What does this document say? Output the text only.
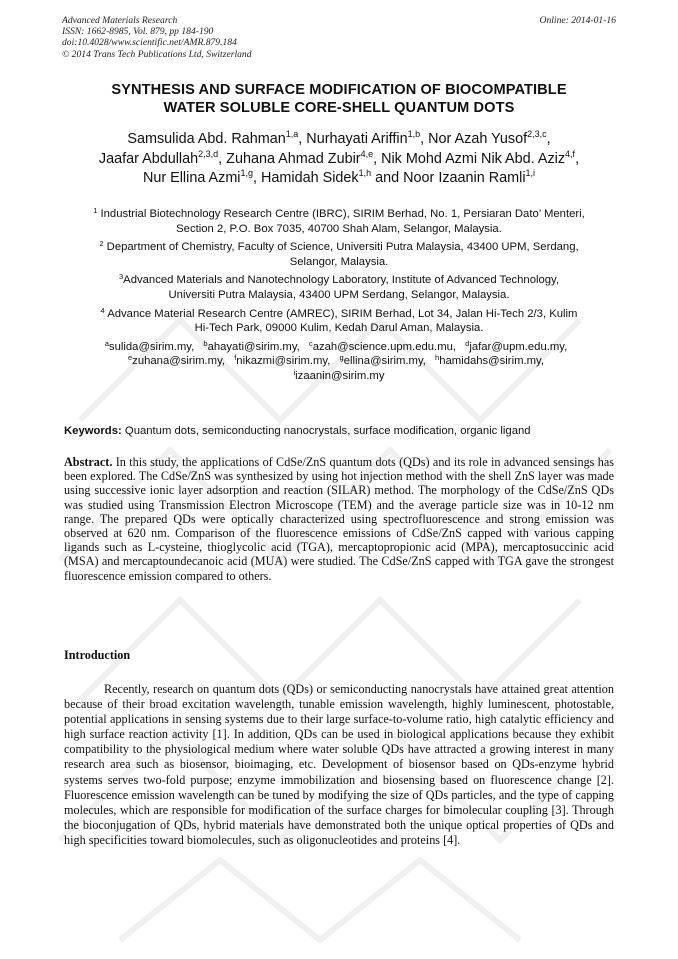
Advanced Materials Research
ISSN: 1662-8985, Vol. 879, pp 184-190
doi:10.4028/www.scientific.net/AMR.879.184
© 2014 Trans Tech Publications Ltd, Switzerland
Online: 2014-01-16
SYNTHESIS AND SURFACE MODIFICATION OF BIOCOMPATIBLE
WATER SOLUBLE CORE-SHELL QUANTUM DOTS
Samsulida Abd. Rahman$^{1,a}$, Nurhayati Ariffin$^{1,b}$, Nor Azah Yusof$^{2,3,c}$,
Jaafar Abdullah$^{2,3,d}$, Zuhana Ahmad Zubir$^{4,e}$, Nik Mohd Azmi Nik Abd. Aziz$^{4,f}$,
Nur Ellina Azmi$^{1,g}$, Hamidah Sidek$^{1,h}$ and Noor Izaanin Ramli$^{1,i}$
$^1$ Industrial Biotechnology Research Centre (IBRC), SIRIM Berhad, No. 1, Persiaran Dato’ Menteri,
Section 2, P.O. Box 7035, 40700 Shah Alam, Selangor, Malaysia.
$^2$ Department of Chemistry, Faculty of Science, Universiti Putra Malaysia, 43400 UPM, Serdang,
Selangor, Malaysia.
$^3$Advanced Materials and Nanotechnology Laboratory, Institute of Advanced Technology,
Universiti Putra Malaysia, 43400 UPM Serdang, Selangor, Malaysia.
$^4$ Advance Material Research Centre (AMREC), SIRIM Berhad, Lot 34, Jalan Hi-Tech 2/3, Kulim
Hi-Tech Park, 09000 Kulim, Kedah Darul Aman, Malaysia.
$^a$sulida@sirim.my, $^b$ahayati@sirim.my, $^c$azah@science.upm.edu.mu, $^d$jafar@upm.edu.my,
$^e$zuhana@sirim.my, $^f$nikazmi@sirim.my, $^g$ellina@sirim.my, $^h$hamidahs@sirim.my,
$^i$izaanin@sirim.my
Keywords: Quantum dots, semiconducting nanocrystals, surface modification, organic ligand
Abstract. In this study, the applications of CdSe/ZnS quantum dots (QDs) and its role in advanced sensings has been explored. The CdSe/ZnS was synthesized by using hot injection method with the shell ZnS layer was made using successive ionic layer adsorption and reaction (SILAR) method. The morphology of the CdSe/ZnS QDs was studied using Transmission Electron Microscope (TEM) and the average particle size was in 10-12 nm range. The prepared QDs were optically characterized using spectrofluorescence and strong emission was observed at 620 nm. Comparison of the fluorescence emissions of CdSe/ZnS capped with various capping ligands such as L-cysteine, thioglycolic acid (TGA), mercaptopropionic acid (MPA), mercaptosuccinic acid (MSA) and mercaptoundecanoic acid (MUA) were studied. The CdSe/ZnS capped with TGA gave the strongest fluorescence emission compared to others.
Introduction
Recently, research on quantum dots (QDs) or semiconducting nanocrystals have attained great attention because of their broad excitation wavelength, tunable emission wavelength, highly luminescent, photostable, potential applications in sensing systems due to their large surface-to-volume ratio, high catalytic efficiency and high surface reaction activity [1]. In addition, QDs can be used in biological applications because they exhibit compatibility to the physiological medium where water soluble QDs have attracted a growing interest in many research area such as biosensor, bioimaging, etc. Development of biosensor based on QDs-enzyme hybrid systems serves two-fold purpose; enzyme immobilization and biosensing based on fluorescence change [2]. Fluorescence emission wavelength can be tuned by modifying the size of QDs particles, and the type of capping molecules, which are responsible for modification of the surface charges for bimolecular coupling [3]. Through the bioconjugation of QDs, hybrid materials have demonstrated both the unique optical properties of QDs and high specificities toward biomolecules, such as oligonucleotides and proteins [4].
